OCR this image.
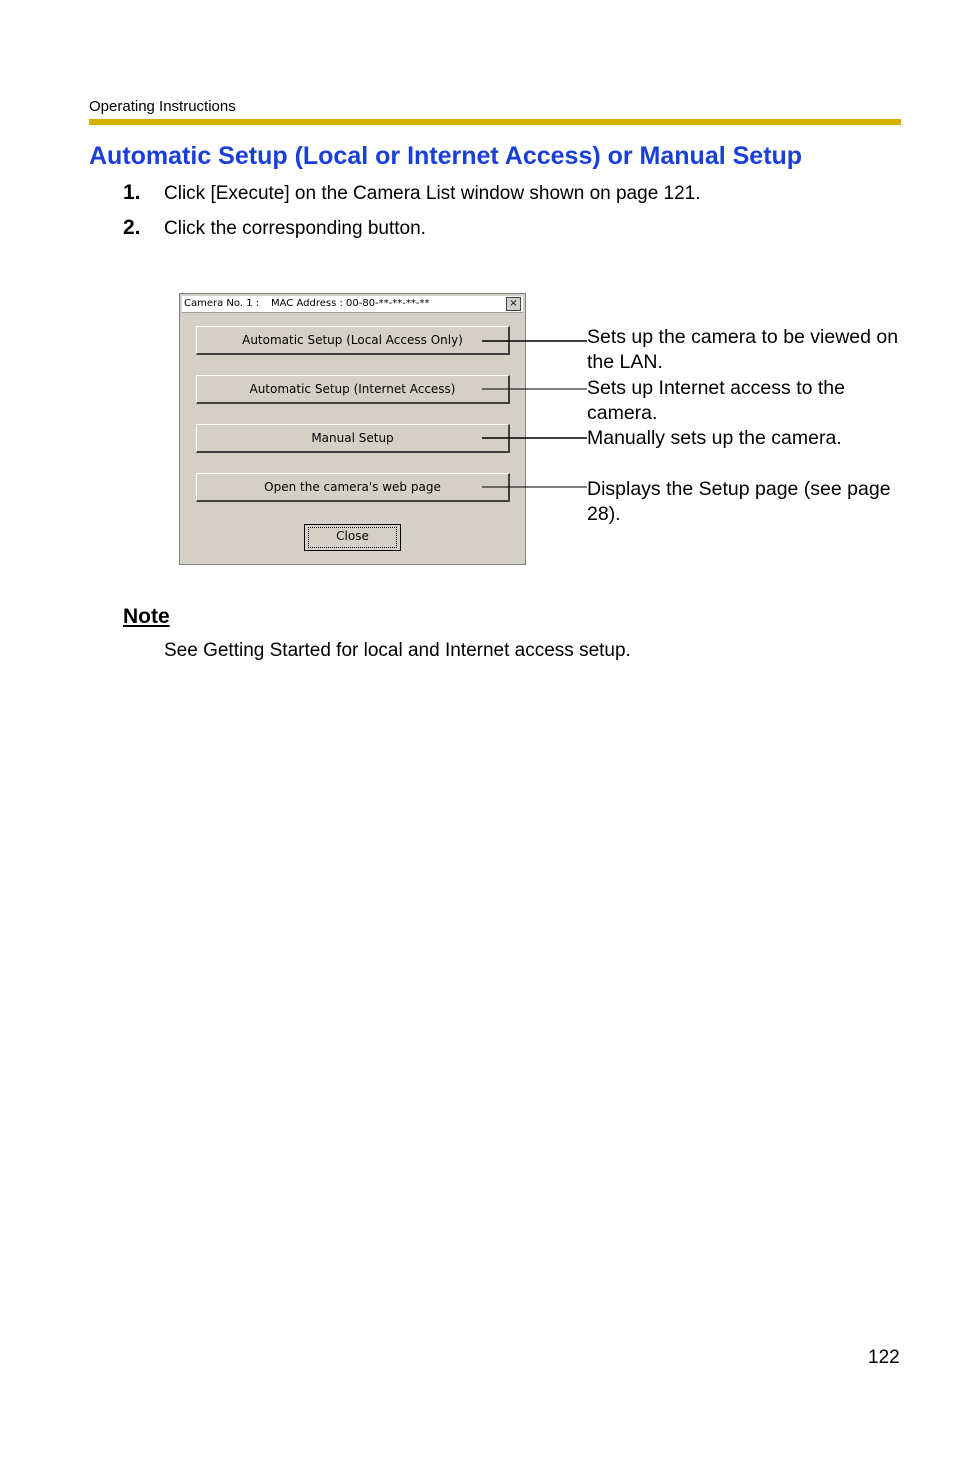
Operating Instructions
Automatic Setup (Local or Internet Access) or Manual Setup
1. Click [Execute] on the Camera List window shown on page 121.
2. Click the corresponding button.
Camera No. 1 : MAC Address : 00-80-**-**-**-**	×
Automatic Setup (Local Access Only)
Automatic Setup (Internet Access)
Manual Setup
Open the camera's web page
Close
Sets up the camera to be viewed on the LAN.
Sets up Internet access to the camera.
Manually sets up the camera.
Displays the Setup page (see page 28).
Note
See Getting Started for local and Internet access setup.
122
